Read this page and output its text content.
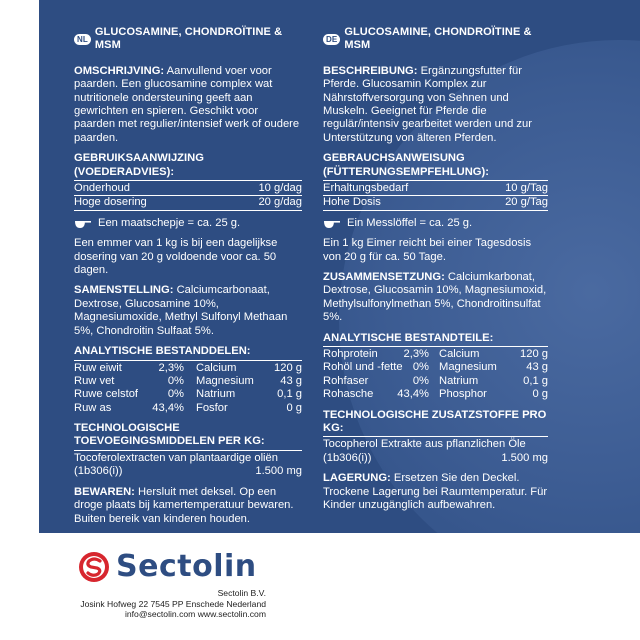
NL
GLUCOSAMINE, CHONDROÏTINE & MSM
OMSCHRIJVING: Aanvullend voer voor paarden. Een glucosamine complex wat nutritionele ondersteuning geeft aan gewrichten en spieren. Geschikt voor paarden met regulier/intensief werk of oudere paarden.
GEBRUIKSAANWIJZING (VOEDERADVIES):
Onderhoud	10 g/dag
Hoge dosering	20 g/dag
Een maatschepje = ca. 25 g.
Een emmer van 1 kg is bij een dagelijkse dosering van 20 g voldoende voor ca. 50 dagen.
SAMENSTELLING: Calciumcarbonaat, Dextrose, Glucosamine 10%, Magnesiumoxide, Methyl Sulfonyl Methaan 5%, Chondroitin Sulfaat 5%.
ANALYTISCHE BESTANDDELEN:
Ruw eiwit	2,3% Calcium	120 g
Ruw vet	0% Magnesium	43 g
Ruwe celstof	0% Natrium	0,1 g
Ruw as	43,4% Fosfor	0 g
TECHNOLOGISCHE TOEVOEGINGSMIDDELEN PER KG:
Tocoferolextracten van plantaardige oliën (1b306(i))	1.500 mg
BEWAREN: Hersluit met deksel. Op een droge plaats bij kamertemperatuur bewaren. Buiten bereik van kinderen houden.
DE
GLUCOSAMINE, CHONDROÏTINE & MSM
BESCHREIBUNG: Ergänzungsfutter für Pferde. Glucosamin Komplex zur Nährstoffversorgung von Sehnen und Muskeln. Geeignet für Pferde die regulär/intensiv gearbeitet werden und zur Unterstützung von älteren Pferden.
GEBRAUCHSANWEISUNG (FÜTTERUNGSEMPFEHLUNG):
Erhaltungsbedarf	10 g/Tag
Hohe Dosis	20 g/Tag
Ein Messlöffel = ca. 25 g.
Ein 1 kg Eimer reicht bei einer Tagesdosis von 20 g für ca. 50 Tage.
ZUSAMMENSETZUNG: Calciumkarbonat, Dextrose, Glucosamin 10%, Magnesiumoxid, Methylsulfonylmethan 5%, Chondroitinsulfat 5%.
ANALYTISCHE BESTANDTEILE:
Rohprotein	2,3% Calcium	120 g
Rohöl und -fette 0% Magnesium	43 g
Rohfaser	0% Natrium	0,1 g
Rohasche	43,4% Phosphor	0 g
TECHNOLOGISCHE ZUSATZSTOFFE PRO KG:
Tocopherol Extrakte aus pflanzlichen Öle (1b306(i))	1.500 mg
LAGERUNG: Ersetzen Sie den Deckel. Trockene Lagerung bei Raumtemperatur. Für Kinder unzugänglich aufbewahren.
Sectolin
Sectolin B.V.
Josink Hofweg 22 7545 PP Enschede Nederland
info@sectolin.com www.sectolin.com
